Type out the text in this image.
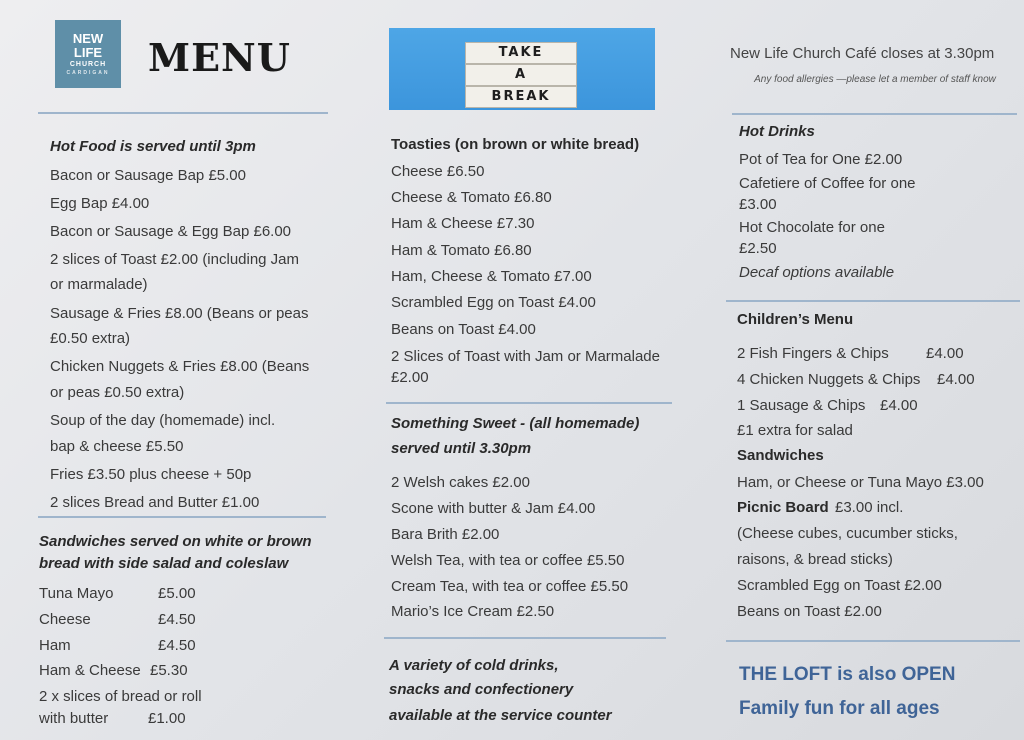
NEW
LIFE
CHURCH
CARDIGAN	MENU
Hot Food is served until 3pm
Bacon or Sausage Bap £5.00
Egg Bap £4.00
Bacon or Sausage & Egg Bap £6.00
2 slices of Toast £2.00 (including Jam
or marmalade)
Sausage & Fries £8.00 (Beans or peas
£0.50 extra)
Chicken Nuggets & Fries £8.00 (Beans
or peas £0.50 extra)
Soup of the day (homemade) incl.
bap & cheese £5.50
Fries £3.50 plus cheese + 50p
2 slices Bread and Butter £1.00
Sandwiches served on white or brown
bread with side salad and coleslaw
Tuna Mayo	£5.00
Cheese	£4.50
Ham	£4.50
Ham & Cheese £5.30
2 x slices of bread or roll
with butter	£1.00
TAKE
A
BREAK
Toasties (on brown or white bread)
Cheese £6.50
Cheese & Tomato £6.80
Ham & Cheese £7.30
Ham & Tomato £6.80
Ham, Cheese & Tomato £7.00
Scrambled Egg on Toast £4.00
Beans on Toast £4.00
2 Slices of Toast with Jam or Marmalade
£2.00
Something Sweet - (all homemade)
served until 3.30pm
2 Welsh cakes £2.00
Scone with butter & Jam £4.00
Bara Brith £2.00
Welsh Tea, with tea or coffee £5.50
Cream Tea, with tea or coffee £5.50
Mario’s Ice Cream £2.50
A variety of cold drinks,
snacks and confectionery
available at the service counter
New Life Church Café closes at 3.30pm
Any food allergies —please let a member of staff know
Hot Drinks
Pot of Tea for One £2.00
Cafetiere of Coffee for one
£3.00
Hot Chocolate for one
£2.50
Decaf options available
Children’s Menu
2 Fish Fingers & Chips £4.00
4 Chicken Nuggets & Chips £4.00
1 Sausage & Chips £4.00
£1 extra for salad
Sandwiches
Ham, or Cheese or Tuna Mayo £3.00
Picnic Board £3.00 incl.
(Cheese cubes, cucumber sticks,
raisons, & bread sticks)
Scrambled Egg on Toast £2.00
Beans on Toast £2.00
THE LOFT is also OPEN
Family fun for all ages
